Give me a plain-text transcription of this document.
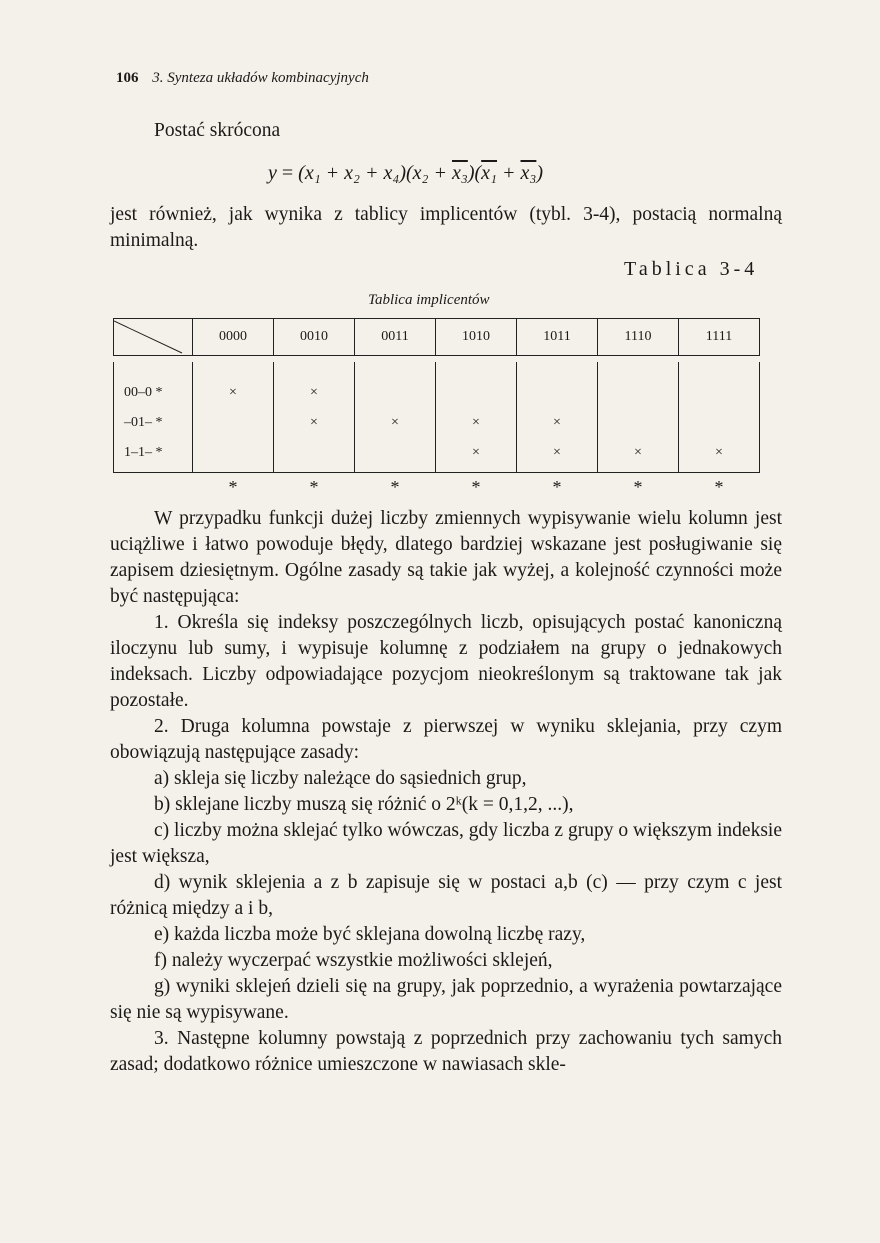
106 3. Synteza układów kombinacyjnych

Postać skrócona

y = (x₁ + x₂ + x₄)(x₂ + x₃)(x₁ + x₃)

jest również, jak wynika z tablicy implicentów (tybl. 3-4), postacią normalną minimalną.

Tablica 3-4
Tablica implicentów
	0000	0010	0011	1010	1011	1110	1111

00–0 *	×	×					
–01– *		×	×	×	×		
1–1– *				×	×	×	×
	*	*	*	*	*	*	*

W przypadku funkcji dużej liczby zmiennych wypisywanie wielu kolumn jest uciążliwe i łatwo powoduje błędy, dlatego bardziej wskazane jest posługiwanie się zapisem dziesiętnym. Ogólne zasady są takie jak wyżej, a kolejność czynności może być następująca:

1. Określa się indeksy poszczególnych liczb, opisujących postać kanoniczną iloczynu lub sumy, i wypisuje kolumnę z podziałem na grupy o jednakowych indeksach. Liczby odpowiadające pozycjom nieokreślonym są traktowane tak jak pozostałe.

2. Druga kolumna powstaje z pierwszej w wyniku sklejania, przy czym obowiązują następujące zasady:

a) skleja się liczby należące do sąsiednich grup,

b) sklejane liczby muszą się różnić o 2ᵏ(k = 0,1,2, ...),

c) liczby można sklejać tylko wówczas, gdy liczba z grupy o większym indeksie jest większa,

d) wynik sklejenia a z b zapisuje się w postaci a,b (c) — przy czym c jest różnicą między a i b,

e) każda liczba może być sklejana dowolną liczbę razy,

f) należy wyczerpać wszystkie możliwości sklejeń,

g) wyniki sklejeń dzieli się na grupy, jak poprzednio, a wyrażenia powtarzające się nie są wypisywane.

3. Następne kolumny powstają z poprzednich przy zachowaniu tych samych zasad; dodatkowo różnice umieszczone w nawiasach skle-
